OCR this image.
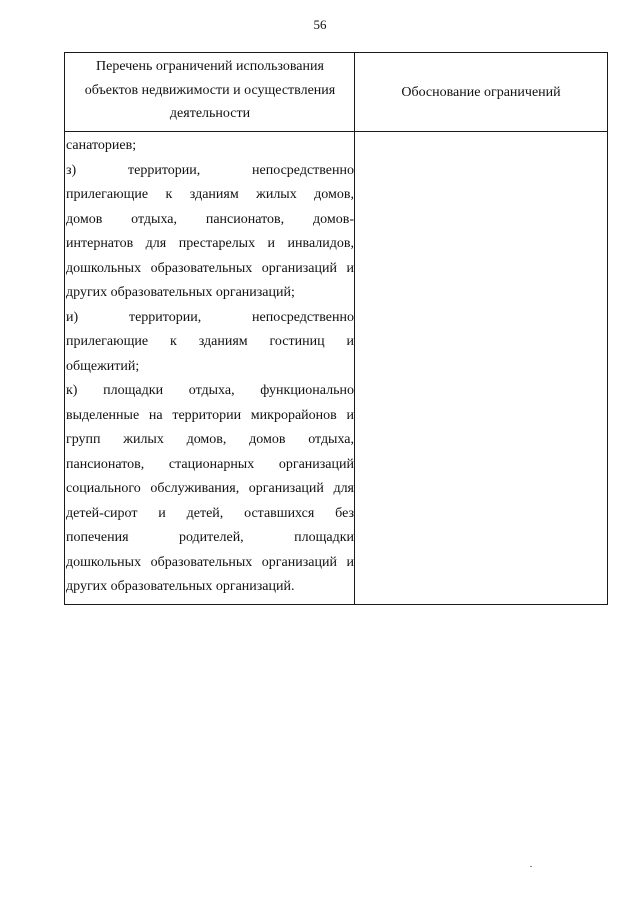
56
Перечень ограничений использования
объектов недвижимости и осуществления
деятельности
Обоснование ограничений
санаториев;
з) территории, непосредственно
прилегающие к зданиям жилых домов,
домов отдыха, пансионатов, домов-
интернатов для престарелых и инвалидов,
дошкольных образовательных организаций и
других образовательных организаций;
и) территории, непосредственно
прилегающие к зданиям гостиниц и
общежитий;
к) площадки отдыха, функционально
выделенные на территории микрорайонов и
групп жилых домов, домов отдыха,
пансионатов, стационарных организаций
социального обслуживания, организаций для
детей-сирот и детей, оставшихся без
попечения родителей, площадки
дошкольных образовательных организаций и
других образовательных организаций.
